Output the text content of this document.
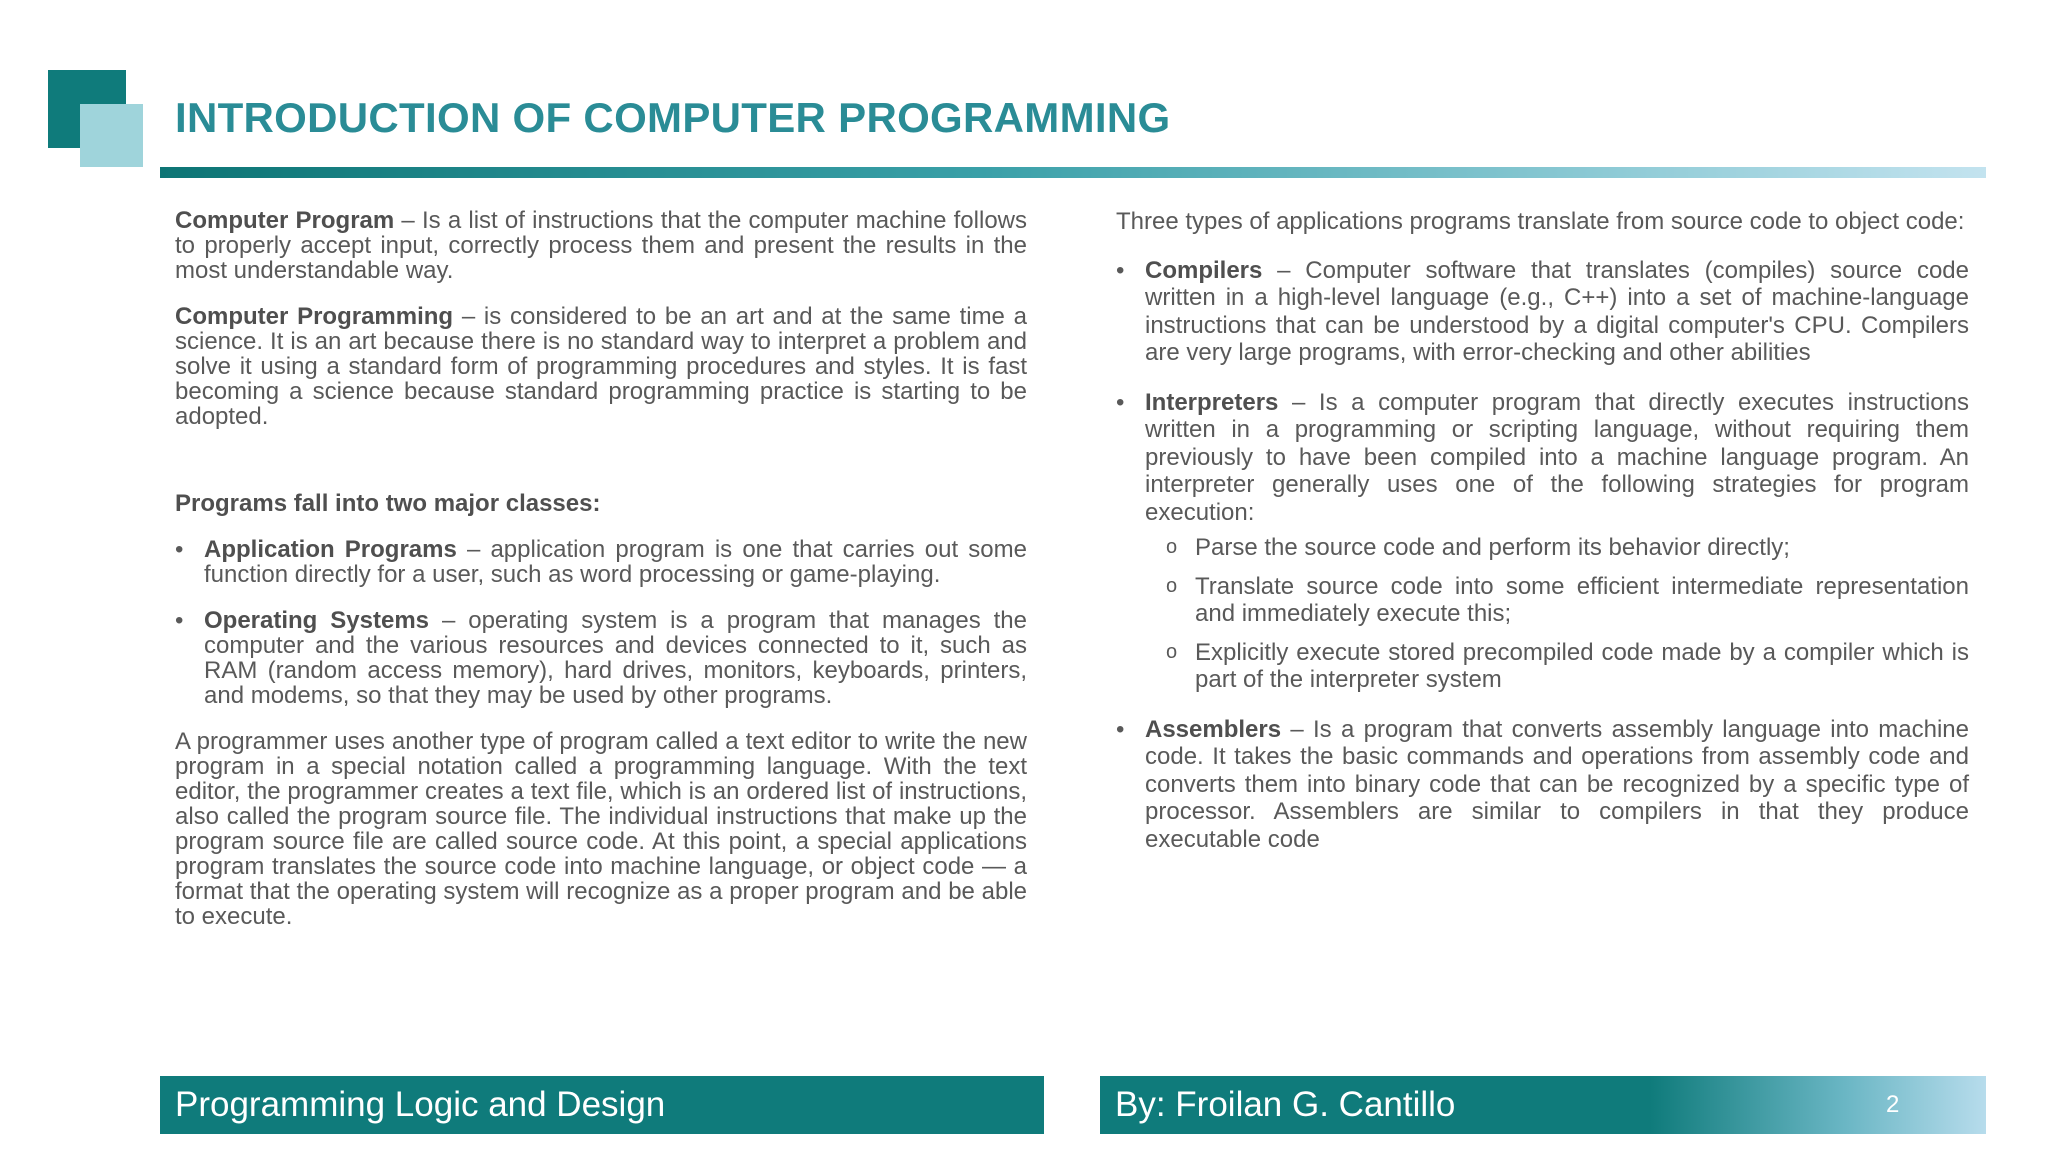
INTRODUCTION OF COMPUTER PROGRAMMING

Computer Program – Is a list of instructions that the computer machine follows to properly accept input, correctly process them and present the results in the most understandable way.

Computer Programming – is considered to be an art and at the same time a science. It is an art because there is no standard way to interpret a problem and solve it using a standard form of programming procedures and styles. It is fast becoming a science because standard programming practice is starting to be adopted.

Programs fall into two major classes:

• Application Programs – application program is one that carries out some function directly for a user, such as word processing or game-playing.
• Operating Systems – operating system is a program that manages the computer and the various resources and devices connected to it, such as RAM (random access memory), hard drives, monitors, keyboards, printers, and modems, so that they may be used by other programs.

A programmer uses another type of program called a text editor to write the new program in a special notation called a programming language. With the text editor, the programmer creates a text file, which is an ordered list of instructions, also called the program source file. The individual instructions that make up the program source file are called source code. At this point, a special applications program translates the source code into machine language, or object code — a format that the operating system will recognize as a proper program and be able to execute.

Three types of applications programs translate from source code to object code:

• Compilers – Computer software that translates (compiles) source code written in a high-level language (e.g., C++) into a set of machine-language instructions that can be understood by a digital computer's CPU. Compilers are very large programs, with error-checking and other abilities
• Interpreters – Is a computer program that directly executes instructions written in a programming or scripting language, without requiring them previously to have been compiled into a machine language program. An interpreter generally uses one of the following strategies for program execution:
o Parse the source code and perform its behavior directly;
o Translate source code into some efficient intermediate representation and immediately execute this;
o Explicitly execute stored precompiled code made by a compiler which is part of the interpreter system
• Assemblers – Is a program that converts assembly language into machine code. It takes the basic commands and operations from assembly code and converts them into binary code that can be recognized by a specific type of processor. Assemblers are similar to compilers in that they produce executable code
Programming Logic and Design	By: Froilan G. Cantillo	2
